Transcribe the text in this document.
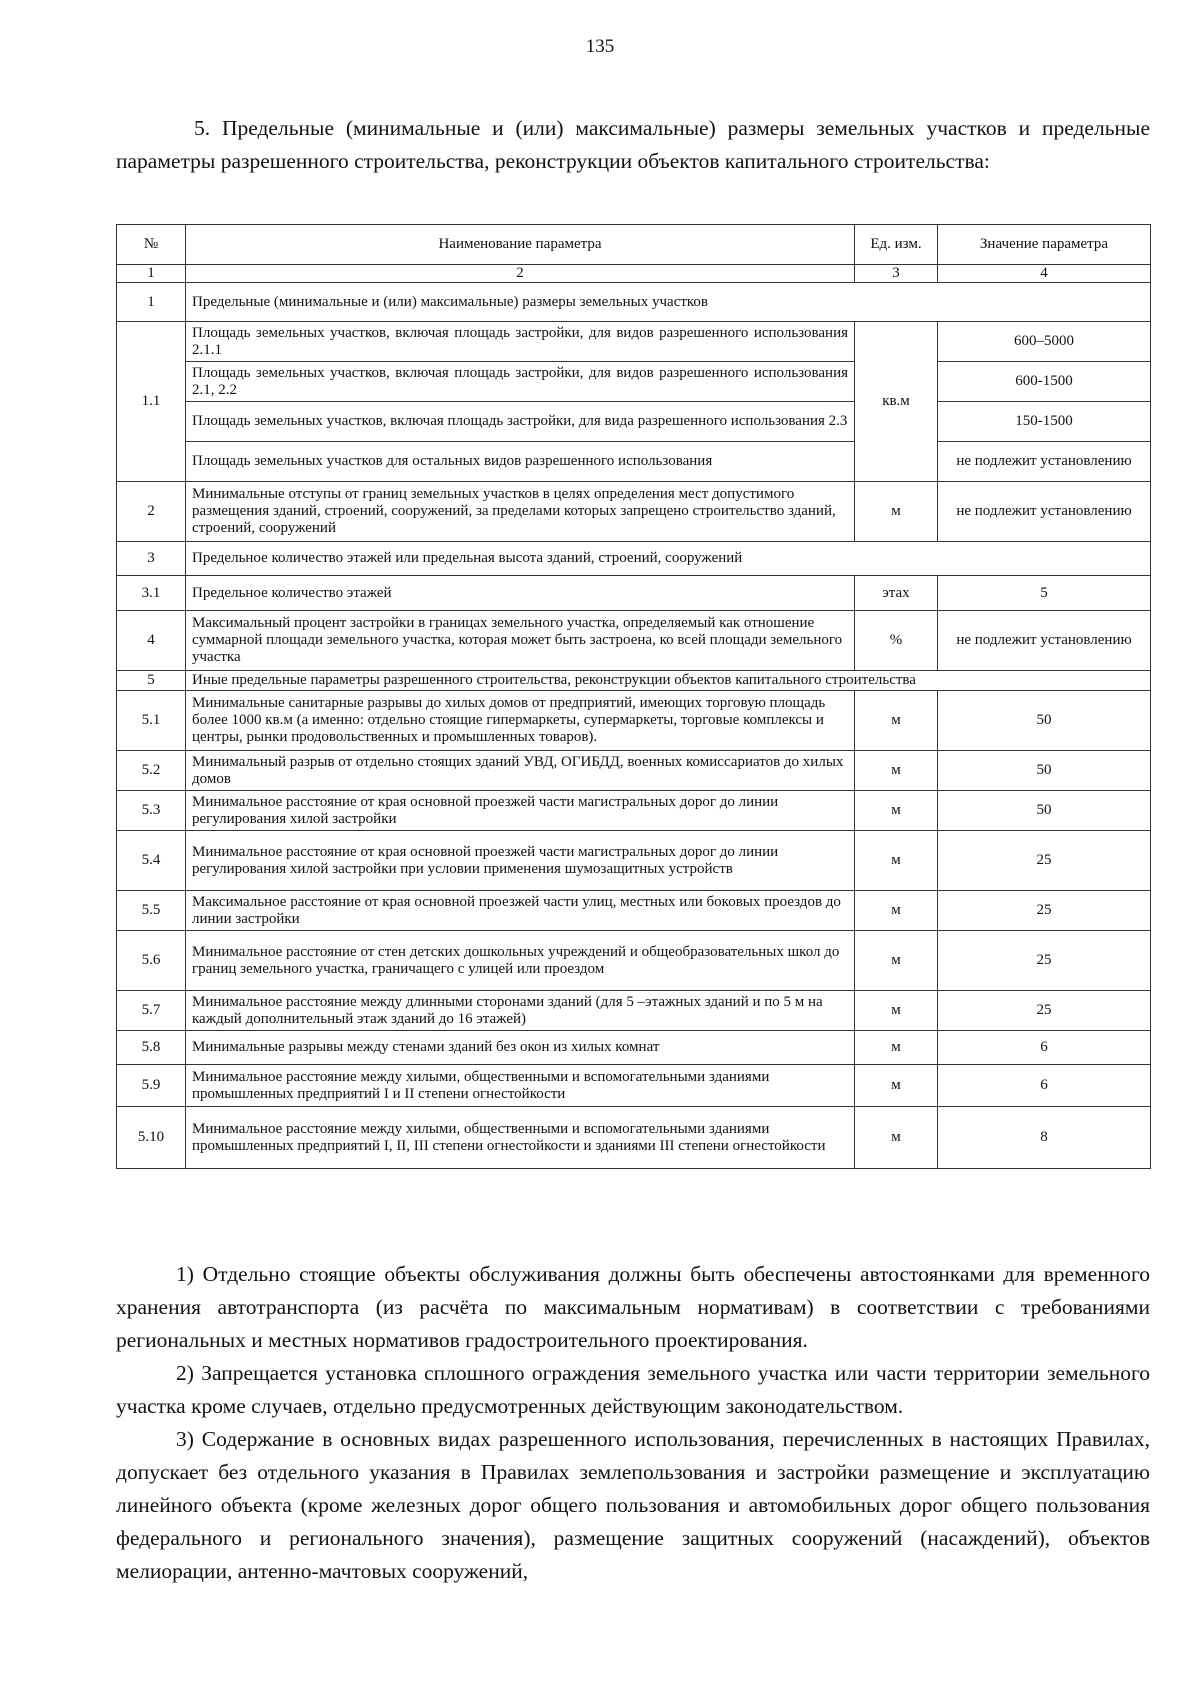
135
5. Предельные (минимальные и (или) максимальные) размеры земельных участков и предельные параметры разрешенного строительства, реконструкции объектов капитального строительства:
№	Наименование параметра	Ед. изм.	Значение параметра
1	2	3	4
1	Предельные (минимальные и (или) максимальные) размеры земельных участков		
1.1	Площадь земельных участков, включая площадь застройки, для видов разрешенного использования 2.1.1	кв.м	600–5000
	Площадь земельных участков, включая площадь застройки, для видов разрешенного использования 2.1, 2.2		600-1500
	Площадь земельных участков, включая площадь застройки, для вида разрешенного использования 2.3		150-1500
	Площадь земельных участков для остальных видов разрешенного использования		не подлежит установлению
2	Минимальные отступы от границ земельных участков в целях определения мест допустимого размещения зданий, строений, сооружений, за пределами которых запрещено строительство зданий, строений, сооружений	м	не подлежит установлению
3	Предельное количество этажей или предельная высота зданий, строений, сооружений		
3.1	Предельное количество этажей	этах	5
4	Максимальный процент застройки в границах земельного участка, определяемый как отношение суммарной площади земельного участка, которая может быть застроена, ко всей площади земельного участка	%	не подлежит установлению
5	Иные предельные параметры разрешенного строительства, реконструкции объектов капитального строительства		
5.1	Минимальные санитарные разрывы до хилых домов от предприятий, имеющих торговую площадь более 1000 кв.м (а именно: отдельно стоящие гипермаркеты, супермаркеты, торговые комплексы и центры, рынки продовольственных и промышленных товаров).	м	50
5.2	Минимальный разрыв от отдельно стоящих зданий УВД, ОГИБДД, военных комиссариатов до хилых домов	м	50
5.3	Минимальное расстояние от края основной проезжей части магистральных дорог до линии регулирования хилой застройки	м	50
5.4	Минимальное расстояние от края основной проезжей части магистральных дорог до линии регулирования хилой застройки при условии применения шумозащитных устройств	м	25
5.5	Максимальное расстояние от края основной проезжей части улиц, местных или боковых проездов до линии застройки	м	25
5.6	Минимальное расстояние от стен детских дошкольных учреждений и общеобразовательных школ до границ земельного участка, граничащего с улицей или проездом	м	25
5.7	Минимальное расстояние между длинными сторонами зданий (для 5 –этажных зданий и по 5 м на каждый дополнительный этаж зданий до 16 этажей)	м	25
5.8	Минимальные разрывы между стенами зданий без окон из хилых комнат	м	6
5.9	Минимальное расстояние между хилыми, общественными и вспомогательными зданиями промышленных предприятий I и II степени огнестойкости	м	6
5.10	Минимальное расстояние между хилыми, общественными и вспомогательными зданиями промышленных предприятий I, II, III степени огнестойкости и зданиями III степени огнестойкости	м	8

1) Отдельно стоящие объекты обслуживания должны быть обеспечены автостоянками для временного хранения автотранспорта (из расчёта по максимальным нормативам) в соответствии с требованиями региональных и местных нормативов градостроительного проектирования.

2) Запрещается установка сплошного ограждения земельного участка или части территории земельного участка кроме случаев, отдельно предусмотренных действующим законодательством.

3) Содержание в основных видах разрешенного использования, перечисленных в настоящих Правилах, допускает без отдельного указания в Правилах землепользования и застройки размещение и эксплуатацию линейного объекта (кроме железных дорог общего пользования и автомобильных дорог общего пользования федерального и регионального значения), размещение защитных сооружений (насаждений), объектов мелиорации, антенно-мачтовых сооружений,
